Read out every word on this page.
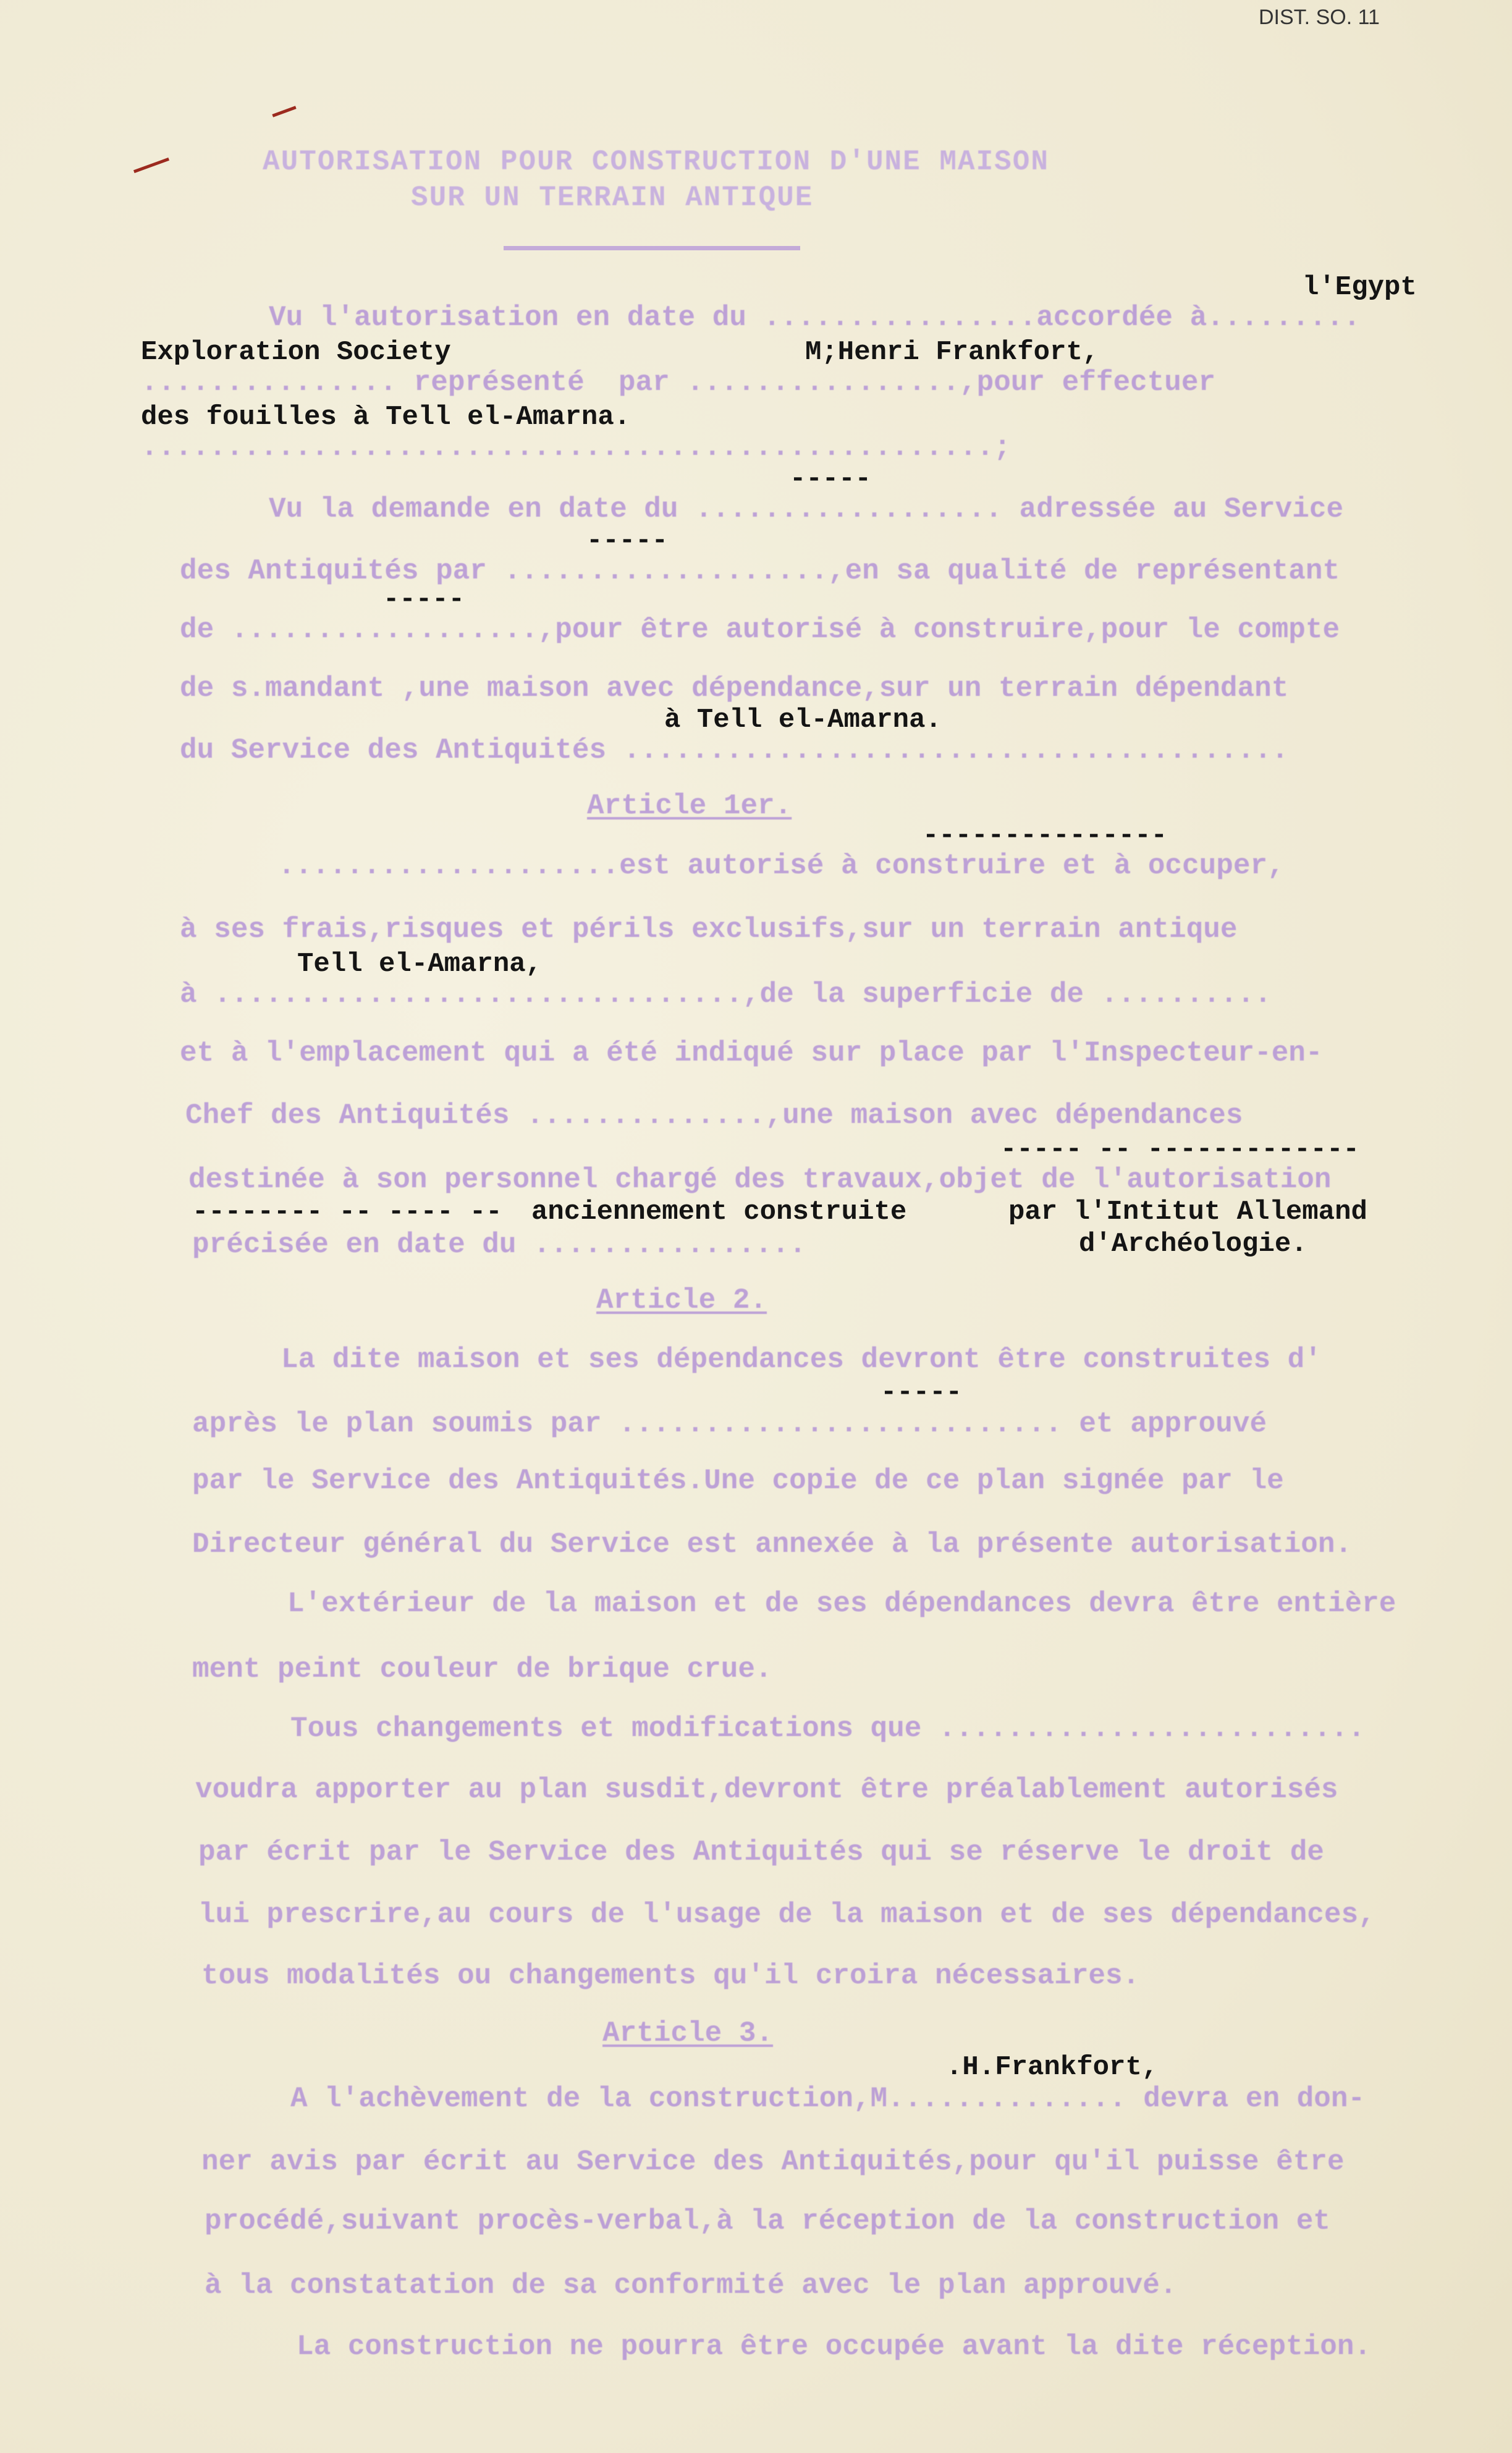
DIST. SO. 11
AUTORISATION POUR CONSTRUCTION D'UNE MAISON
SUR UN TERRAIN ANTIQUE
Vu l'autorisation en date du ................accordée à.........
............... représenté  par ................,pour effectuer
..................................................;
Vu la demande en date du .................. adressée au Service
des Antiquités par ...................,en sa qualité de représentant
de ..................,pour être autorisé à construire,pour le compte
de s.mandant ,une maison avec dépendance,sur un terrain dépendant
du Service des Antiquités .......................................
Article 1er.
....................est autorisé à construire et à occuper,
à ses frais,risques et périls exclusifs,sur un terrain antique
à ...............................,de la superficie de ..........
et à l'emplacement qui a été indiqué sur place par l'Inspecteur-en-
Chef des Antiquités ..............,une maison avec dépendances
destinée à son personnel chargé des travaux,objet de l'autorisation
précisée en date du ................
Article 2.
La dite maison et ses dépendances devront être construites d'
après le plan soumis par .......................... et approuvé
par le Service des Antiquités.Une copie de ce plan signée par le
Directeur général du Service est annexée à la présente autorisation.
L'extérieur de la maison et de ses dépendances devra être entière
ment peint couleur de brique crue.
Tous changements et modifications que .........................
voudra apporter au plan susdit,devront être préalablement autorisés
par écrit par le Service des Antiquités qui se réserve le droit de
lui prescrire,au cours de l'usage de la maison et de ses dépendances,
tous modalités ou changements qu'il croira nécessaires.
Article 3.
A l'achèvement de la construction,M.............. devra en don-
ner avis par écrit au Service des Antiquités,pour qu'il puisse être
procédé,suivant procès-verbal,à la réception de la construction et
à la constatation de sa conformité avec le plan approuvé.
La construction ne pourra être occupée avant la dite réception.
l'Egypt
Exploration Society	M;Henri Frankfort,
des fouilles à Tell el-Amarna.
-----
-----
-----
à Tell el-Amarna.
---------------
Tell el-Amarna,
----- -- -------------
-------- -- ---- -- anciennement construite	par l'Intitut Allemand
d'Archéologie.
-----
.H.Frankfort,
